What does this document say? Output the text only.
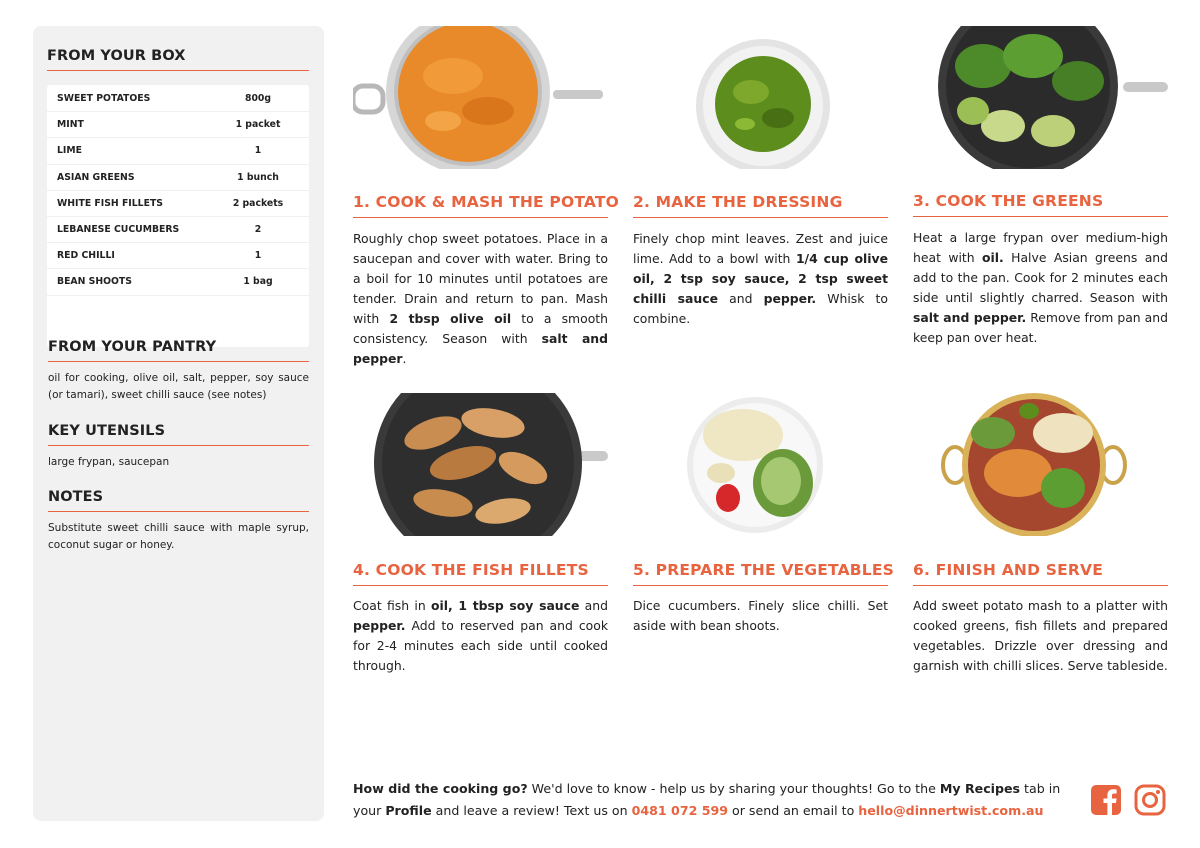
FROM YOUR BOX
SWEET POTATOES	800g
MINT	1 packet
LIME	1
ASIAN GREENS	1 bunch
WHITE FISH FILLETS	2 packets
LEBANESE CUCUMBERS	2
RED CHILLI	1
BEAN SHOOTS	1 bag
FROM YOUR PANTRY
oil for cooking, olive oil, salt, pepper, soy sauce (or tamari), sweet chilli sauce (see notes)
KEY UTENSILS
large frypan, saucepan
NOTES
Substitute sweet chilli sauce with maple syrup, coconut sugar or honey.
1. COOK & MASH THE POTATO
Roughly chop sweet potatoes. Place in a saucepan and cover with water. Bring to a boil for 10 minutes until potatoes are tender. Drain and return to pan. Mash with 2 tbsp olive oil to a smooth consistency. Season with salt and pepper.
2. MAKE THE DRESSING
Finely chop mint leaves. Zest and juice lime. Add to a bowl with 1/4 cup olive oil, 2 tsp soy sauce, 2 tsp sweet chilli sauce and pepper. Whisk to combine.
3. COOK THE GREENS
Heat a large frypan over medium-high heat with oil. Halve Asian greens and add to the pan. Cook for 2 minutes each side until slightly charred. Season with salt and pepper. Remove from pan and keep pan over heat.
4. COOK THE FISH FILLETS
Coat fish in oil, 1 tbsp soy sauce and pepper. Add to reserved pan and cook for 2-4 minutes each side until cooked through.
5. PREPARE THE VEGETABLES
Dice cucumbers. Finely slice chilli. Set aside with bean shoots.
6. FINISH AND SERVE
Add sweet potato mash to a platter with cooked greens, fish fillets and prepared vegetables. Drizzle over dressing and garnish with chilli slices. Serve tableside.
How did the cooking go? We'd love to know - help us by sharing your thoughts! Go to the My Recipes tab in your Profile and leave a review! Text us on 0481 072 599 or send an email to hello@dinnertwist.com.au
